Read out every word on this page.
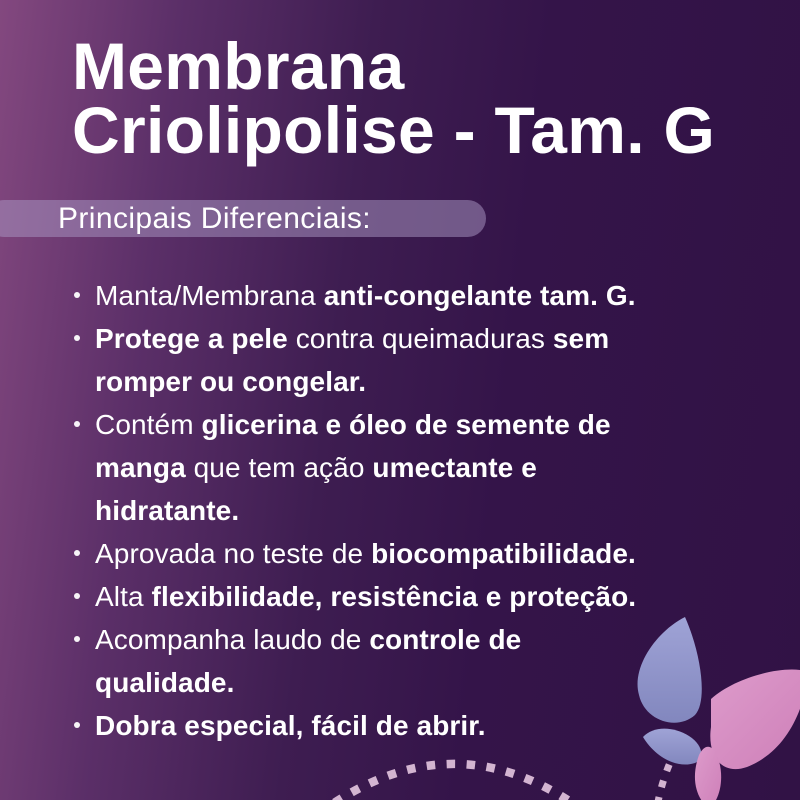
Membrana
Criolipolise - Tam. G
Principais Diferenciais:
Manta/Membrana anti-congelante tam. G.
Protege a pele contra queimaduras sem
romper ou congelar.
Contém glicerina e óleo de semente de
manga que tem ação umectante e
hidratante.
Aprovada no teste de biocompatibilidade.
Alta flexibilidade, resistência e proteção.
Acompanha laudo de controle de
qualidade.
Dobra especial, fácil de abrir.
